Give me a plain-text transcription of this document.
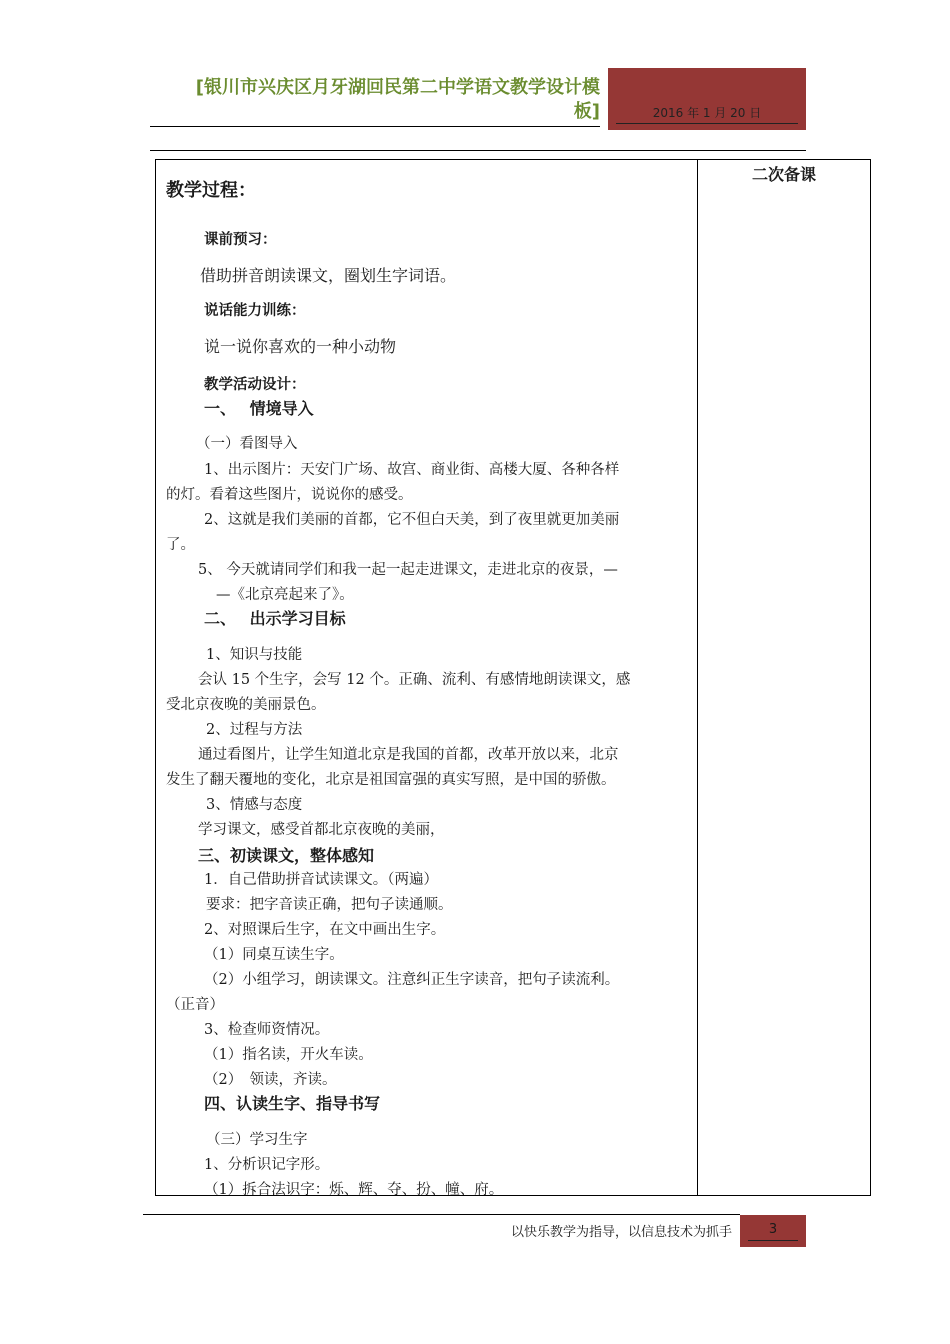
[银川市兴庆区月牙湖回民第二中学语文教学设计模
板]	2016 年 1 月 20 日
二次备课
教学过程：
课前预习：
借助拼音朗读课文，圈划生字词语。
说话能力训练：
说一说你喜欢的一种小动物
教学活动设计：
一、　 情境导入
（一）看图导入
1、出示图片：天安门广场、故宫、商业街、高楼大厦、各种各样
的灯。看着这些图片，说说你的感受。
2、这就是我们美丽的首都，它不但白天美，到了夜里就更加美丽
了。
5、 今天就请同学们和我一起一起走进课文，走进北京的夜景，—
—《北京亮起来了》。
二、　 出示学习目标
1、知识与技能
会认 15 个生字，会写 12 个。正确、流利、有感情地朗读课文，感
受北京夜晚的美丽景色。
2、过程与方法
通过看图片，让学生知道北京是我国的首都，改革开放以来，北京
发生了翻天覆地的变化，北京是祖国富强的真实写照，是中国的骄傲。
3、情感与态度
学习课文，感受首都北京夜晚的美丽，
三、初读课文，整体感知
1．自己借助拼音试读课文。（两遍）
要求：把字音读正确，把句子读通顺。
2、对照课后生字，在文中画出生字。
（1）同桌互读生字。
（2）小组学习，朗读课文。注意纠正生字读音，把句子读流利。
（正音）
3、检查师资情况。
（1）指名读，开火车读。
（2）　领读，齐读。
四、认读生字、指导书写
（三）学习生字
1、分析识记字形。
（1）拆合法识字：烁、辉、夺、扮、幢、府。
以快乐教学为指导，以信息技术为抓手	3
